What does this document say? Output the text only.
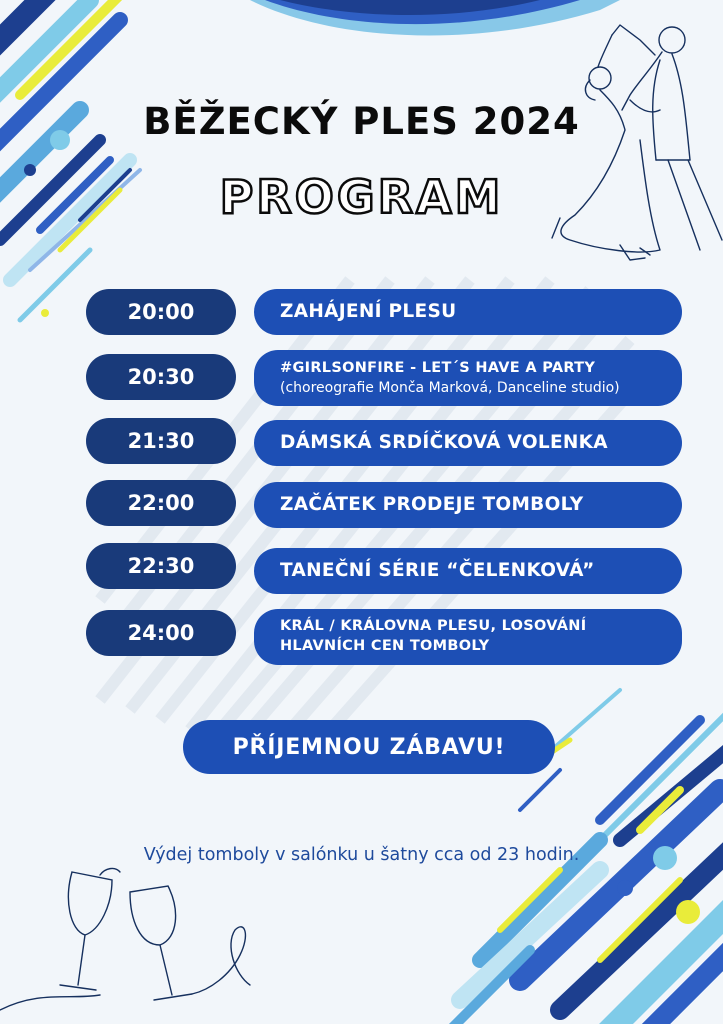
BĚŽECKÝ PLES 2024
PROGRAM
20:00	ZAHÁJENÍ PLESU
20:30	#GIRLSONFIRE - LET´S HAVE A PARTY
(choreografie Monča Marková, Danceline studio)
21:30	DÁMSKÁ SRDÍČKOVÁ VOLENKA
22:00	ZAČÁTEK PRODEJE TOMBOLY
22:30	TANEČNÍ SÉRIE “ČELENKOVÁ”
24:00	KRÁL / KRÁLOVNA PLESU, LOSOVÁNÍ HLAVNÍCH CEN TOMBOLY
PŘÍJEMNOU ZÁBAVU!
Výdej tomboly v salónku u šatny cca od 23 hodin.
